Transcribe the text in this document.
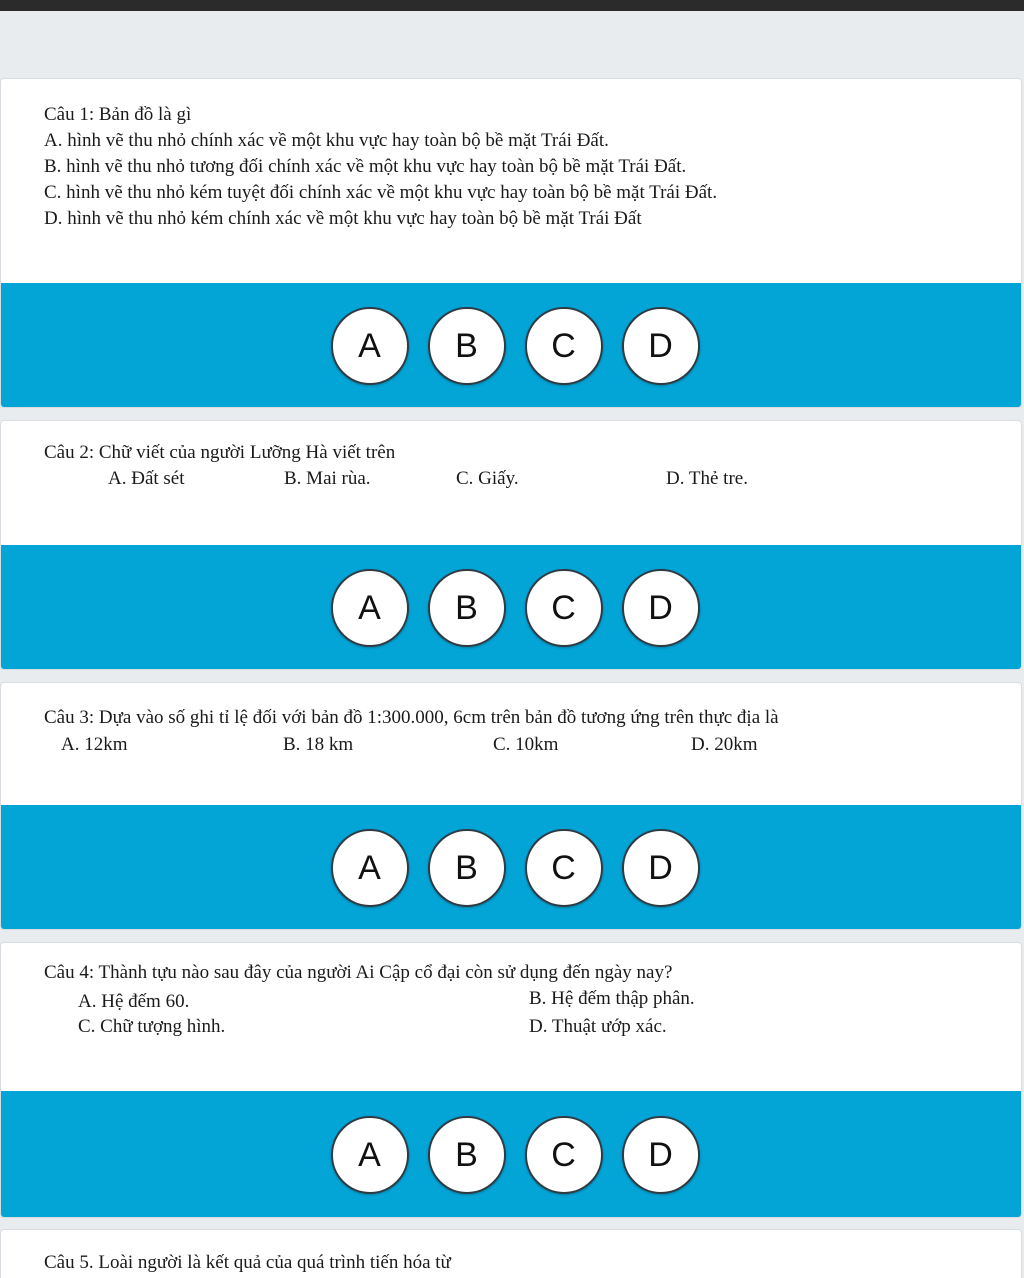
Câu 1: Bản đồ là gì
A. hình vẽ thu nhỏ chính xác về một khu vực hay toàn bộ bề mặt Trái Đất.
B. hình vẽ thu nhỏ tương đối chính xác về một khu vực hay toàn bộ bề mặt Trái Đất.
C. hình vẽ thu nhỏ kém tuyệt đối chính xác về một khu vực hay toàn bộ bề mặt Trái Đất.
D. hình vẽ thu nhỏ kém chính xác về một khu vực hay toàn bộ bề mặt Trái Đất
A	B	C	D
Câu 2: Chữ viết của người Lưỡng Hà viết trên
A. Đất sét	B. Mai rùa.	C. Giấy.	D. Thẻ tre.
A	B	C	D
Câu 3: Dựa vào số ghi tỉ lệ đối với bản đồ 1:300.000, 6cm trên bản đồ tương ứng trên thực địa là
A. 12km	B. 18 km	C. 10km	D. 20km
A	B	C	D
Câu 4: Thành tựu nào sau đây của người Ai Cập cổ đại còn sử dụng đến ngày nay?
A. Hệ đếm 60.	B. Hệ đếm thập phân.
C. Chữ tượng hình.	D. Thuật ướp xác.
A	B	C	D
Câu 5. Loài người là kết quả của quá trình tiến hóa từ
